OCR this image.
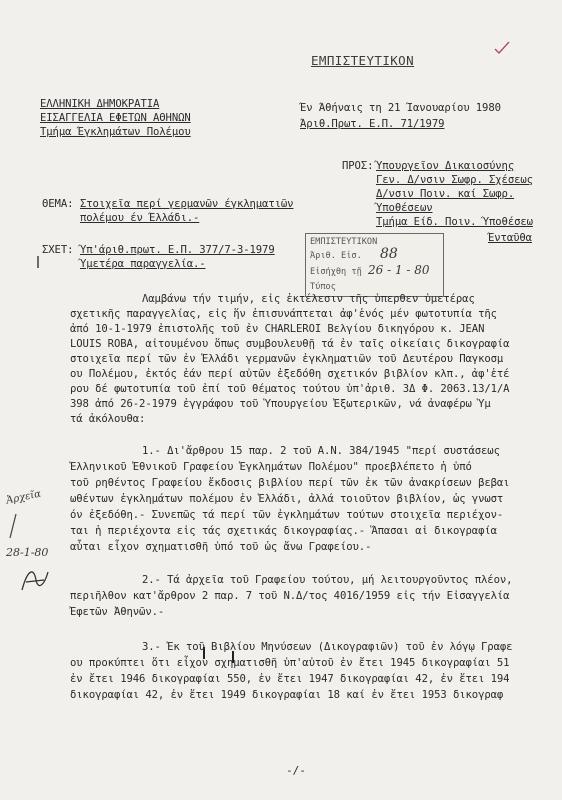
ΕΜΠΙΣΤΕΥΤΙΚΟΝ
ΕΛΛΗΝΙΚΗ ΔΗΜΟΚΡΑΤΙΑ
ΕΙΣΑΓΓΕΛΙΑ ΕΦΕΤΩΝ ΑΘΗΝΩΝ
Τμήμα Έγκλημάτων Πολέμου
Έν Άθήναις τη 21 Ίανουαρίου 1980
Άριθ.Πρωτ. Ε.Π. 71/1979
ΠΡΟΣ: Ύπουργεῖον Δικαιοσύνης
Γεν. Δ/νσιν Σωφρ. Σχέσεως
Δ/νσιν Ποιν. καί Σωφρ.
Ύποθέσεων
Τμήμα Είδ. Ποιν. Ύποθέσεω
Ένταῦθα
ΘΕΜΑ: Στοιχεῖα περί γερμανῶν έγκληματιῶν
πολέμου έν Έλλάδι.-
ΣΧΕΤ: Ύπ'άριθ.πρωτ. Ε.Π. 377/7-3-1979
Ύμετέρα παραγγελία.-
ΕΜΠΙΣΤΕΥΤΙΚΟΝ
Άριθ. Εἰσ. 88
Εἰσήχθη τῇ 26 - 1 - 80
Τύπος
Λαμβάνω τήν τιμήν, εἰς ἐκτέλεσιν τῆς ὑπερθεν ὑμετέρας
σχετικῆς παραγγελίας, εἰς ἥν ἐπισυνάπτεται ἀφ'ἑνός μέν φωτοτυπία τῆς
ἀπό 10-1-1979 ἐπιστολῆς τοῦ ἐν CHARLEROI Βελγίου δικηγόρου κ. JEAN
LOUIS ROBA, αἰτουμένου ὅπως συμβουλευθῇ τά ἐν ταῖς οἰκείαις δικογραφία
στοιχεῖα περί τῶν ἐν Ἑλλάδι γερμανῶν ἐγκληματιῶν τοῦ Δευτέρου Παγκοσμ
ου Πολέμου, ἐκτός ἐάν περί αὐτῶν ἐξεδόθη σχετικόν βιβλίον κλπ., ἀφ'ἑτέ
ρου δέ φωτοτυπία τοῦ ἐπί τοῦ θέματος τούτου ὑπ'ἀριθ. 3Δ Φ. 2063.13/1/Α
398 ἀπό 26-2-1979 ἐγγράφου τοῦ Ὑπουργείου Ἐξωτερικῶν, νά ἀναφέρω Ὑμ
τά ἀκόλουθα:
1.- Δι'ἄρθρου 15 παρ. 2 τοῦ Α.Ν. 384/1945 "περί συστάσεως
Ἑλληνικοῦ Ἐθνικοῦ Γραφείου Ἐγκλημάτων Πολέμου" προεβλέπετο ἡ ὑπό
τοῦ ρηθέντος Γραφείου ἔκδοσις βιβλίου περί τῶν ἐκ τῶν ἀνακρίσεων βεβαι
ωθέντων ἐγκλημάτων πολέμου ἐν Ἑλλάδι, ἀλλά τοιοῦτον βιβλίον, ὡς γνωστ
όν ἐξεδόθη.- Συνεπῶς τά περί τῶν ἐγκλημάτων τούτων στοιχεῖα περιέχον-
ται ἡ περιέχοντα εἰς τάς σχετικάς δικογραφίας.- Ἅπασαι αἱ δικογραφία
αὗται εἶχον σχηματισθῆ ὑπό τοῦ ὡς ἄνω Γραφείου.-
2.- Τά ἀρχεῖα τοῦ Γραφείου τούτου, μή λειτουργοῦντος πλέον,
περιῆλθον κατ'ἄρθρον 2 παρ. 7 τοῦ Ν.Δ/τος 4016/1959 εἰς τήν Εἰσαγγελία
Ἐφετῶν Ἀθηνῶν.-
3.- Ἐκ τοῦ Βιβλίου Μηνύσεων (Δικογραφιῶν) τοῦ ἐν λόγῳ Γραφε
ου προκύπτει ὅτι εἶχον σχηματισθῆ ὑπ'αὐτοῦ ἐν ἔτει 1945 δικογραφίαι 51
ἐν ἔτει 1946 δικογραφίαι 550, ἐν ἔτει 1947 δικογραφίαι 42, ἐν ἔτει 194
δικογραφίαι 42, ἐν ἔτει 1949 δικογραφίαι 18 καί ἐν ἔτει 1953 δικογραφ
Ἀρχεῖα
28-1-80
-/-
